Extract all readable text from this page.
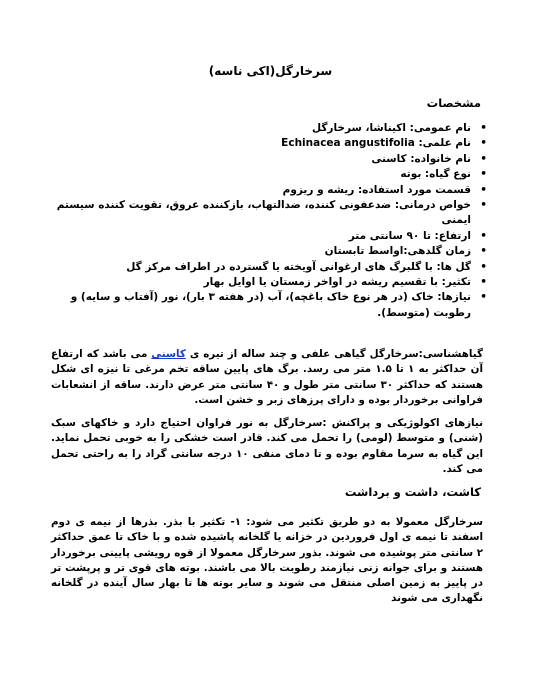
سرخارگل(اکی ناسه)
مشخصات
• نام عمومی: اکیناشا، سرخارگل
• نام علمی: Echinacea angustifolia
• نام خانواده: کاسنی
• نوع گیاه: بوته
• قسمت مورد استفاده: ریشه و ریزوم
• خواص درمانی: ضدعفونی کننده، ضدالتهاب، بازکننده عروق، تقویت کننده سیستم ایمنی
• ارتفاع: تا ۹۰ سانتی متر
• زمان گلدهی:اواسط تابستان
• گل ها: با گلبرگ های ارغوانی آویخته یا گسترده در اطراف مرکز گل
• تکثیر: با تقسیم ریشه در اواخر زمستان یا اوایل بهار
• نیازها: خاک (در هر نوع خاک باغچه)، آب (در هفته ۳ بار)، نور (آفتاب و سایه) و رطوبت (متوسط).
گیاهشناسی:سرخارگل گیاهی علفی و چند ساله از تیره ی کاسنی می باشد که ارتفاع آن حداکثر به ۱ تا ۱.۵ متر می رسد. برگ های پایین ساقه تخم مرغی تا نیزه ای شکل هستند که حداکثر ۳۰ سانتی متر طول و ۴۰ سانتی متر عرض دارند. ساقه از انشعابات فراوانی برخوردار بوده و دارای پرزهای زبر و خشن است.
نیازهای اکولوژیکی و پراکنش :سرخارگل به نور فراوان احتیاج دارد و خاکهای سبک (شنی) و متوسط (لومی) را تحمل می کند. قادر است خشکی را به خوبی تحمل نماید. این گیاه به سرما مقاوم بوده و تا دمای منفی ۱۰ درجه سانتی گراد را به راحتی تحمل می کند.
کاشت، داشت و برداشت
سرخارگل معمولا به دو طریق تکثیر می شود: ۱- تکثیر با بذر. بذرها از نیمه ی دوم اسفند تا نیمه ی اول فروردین در خزانه یا گلخانه پاشیده شده و با خاک تا عمق حداکثر ۲ سانتی متر پوشیده می شوند. بذور سرخارگل معمولا از قوه رویشی پایینی برخوردار هستند و برای جوانه زنی نیازمند رطوبت بالا می باشند. بوته های قوی تر و پرپشت تر در پاییز به زمین اصلی منتقل می شوند و سایر بوته ها تا بهار سال آینده در گلخانه نگهداری می شوند
